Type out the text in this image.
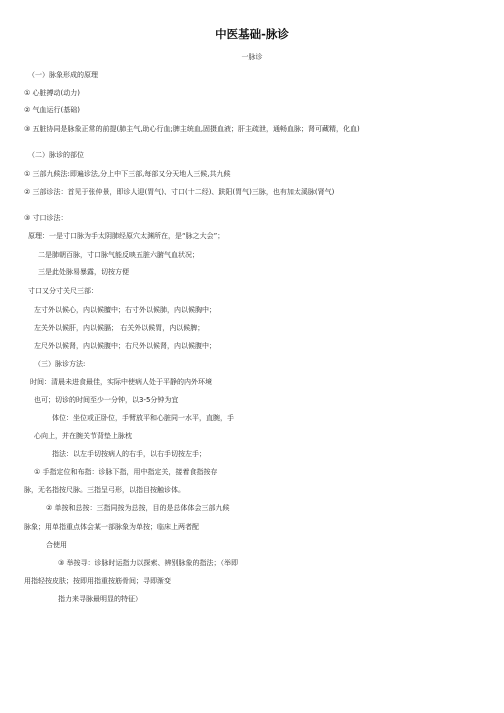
中医基础-脉诊
一脉诊
（一）脉象形成的原理
① 心脏搏动(动力)
② 气血运行(基础)
③ 五脏协同是脉象正常的前提(肺主气,助心行血;脾主统血,固摄血液；肝主疏泄，通畅血脉；肾可藏精，化血)
（二）脉诊的部位
① 三部九候法:即遍诊法,分上中下三部,每部又分天地人三候,共九候
② 三部诊法：首见于张仲景，即诊人迎(胃气)、寸口(十二经)、趺阳(胃气)三脉，也有加太溪脉(肾气)
③ 寸口诊法：
原理：一是寸口脉为手太阴肺经原穴太渊所在，是“脉之大会”；
二是肺朝百脉，寸口脉气能反映五脏六腑气血状况；
三是此处脉易暴露，切按方便
寸口又分寸关尺三部：
左寸外以候心，内以候膻中；右寸外以候肺，内以候胸中；
左关外以候肝，内以候膈； 右关外以候胃，内以候脾；
左尺外以候肾，内以候腹中；右尺外以候肾，内以候腹中；
（三）脉诊方法:
时间：清晨未进食最佳，实际中使病人处于平静的内外环境
也可；切诊的时间至少一分钟，以3-5分钟为宜
体位：坐位或正卧位，手臂放平和心脏同一水平，直腕，手
心向上，并在腕关节背垫上脉枕
指法：以左手切按病人的右手，以右手切按左手；
① 手指定位和布指：诊脉下指，用中指定关，接着食指按存
脉，无名指按尺脉。三指呈弓形，以指目按触诊体。
② 单按和总按：三指同按为总按，目的是总体体会三部九候
脉象；用单指重点体会某一部脉象为单按；临床上两者配
合使用
③ 举按寻：诊脉时运指力以探索、辨别脉象的指法；（举即
用指轻按皮肤；按即用指重按筋骨间；寻即渐变
指力来寻脉最明显的特征）
